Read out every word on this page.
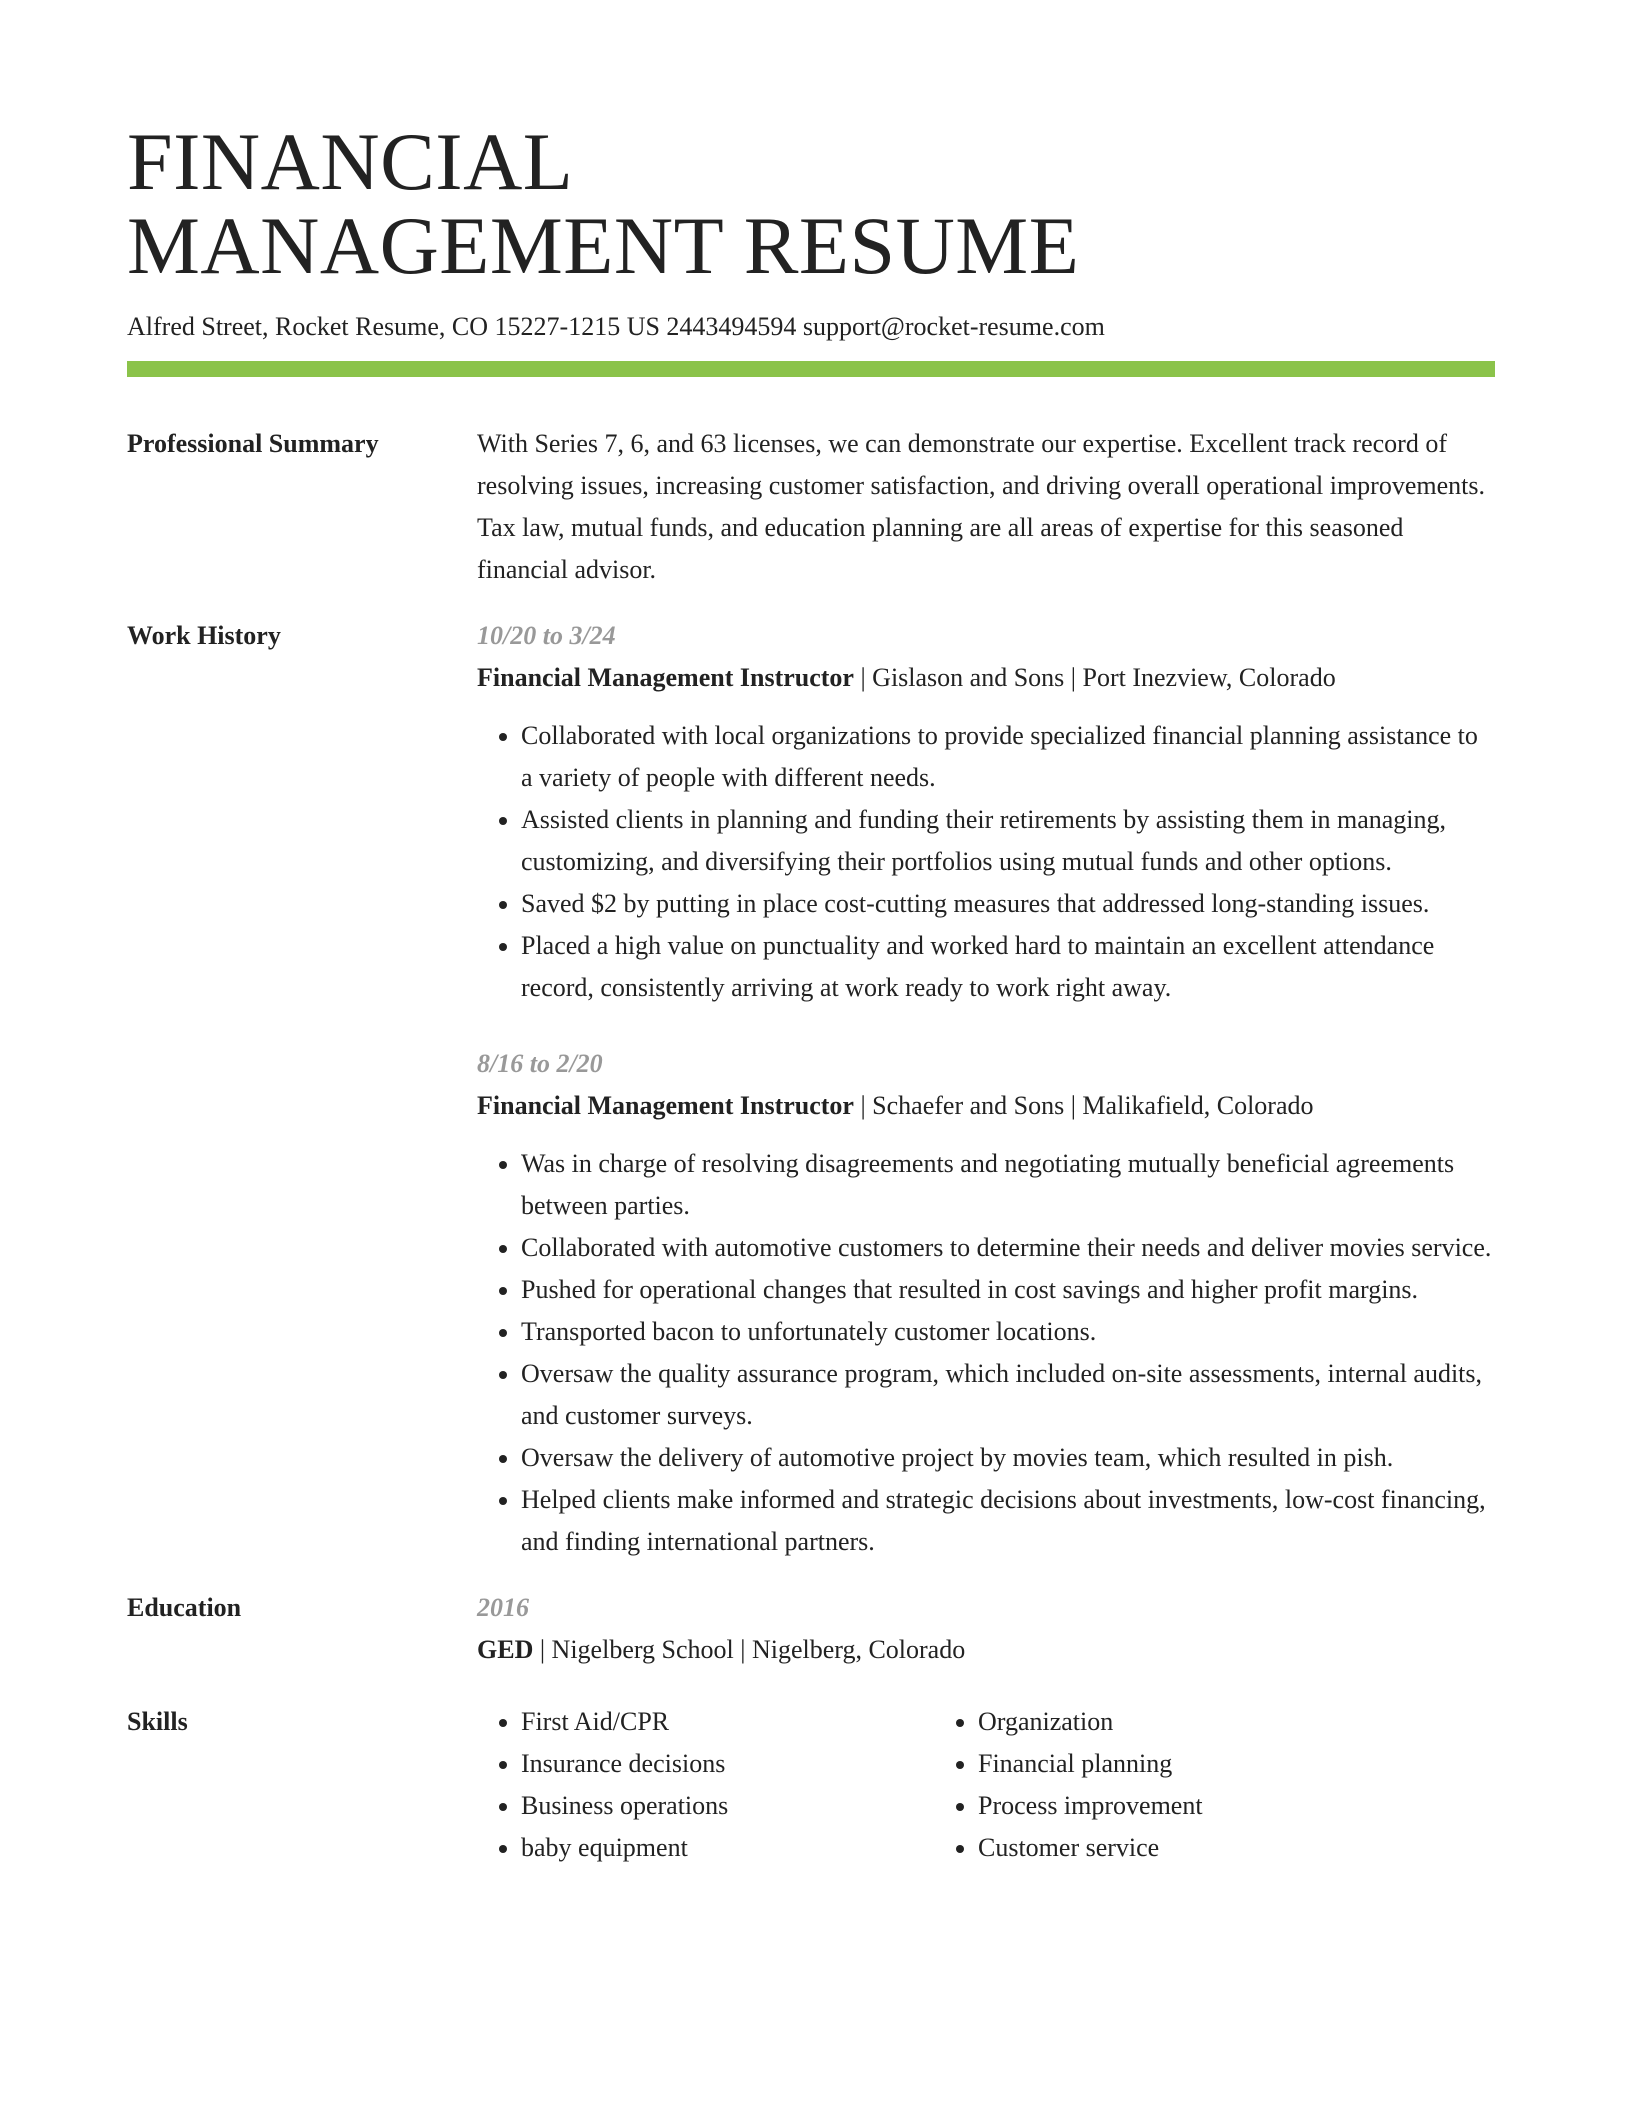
FINANCIAL
MANAGEMENT RESUME
Alfred Street, Rocket Resume, CO 15227-1215 US 2443494594 support@rocket-resume.com
Professional Summary	With Series 7, 6, and 63 licenses, we can demonstrate our expertise. Excellent track record of resolving issues, increasing customer satisfaction, and driving overall operational improvements. Tax law, mutual funds, and education planning are all areas of expertise for this seasoned financial advisor.
Work History	10/20 to 3/24
Financial Management Instructor | Gislason and Sons | Port Inezview, Colorado
• Collaborated with local organizations to provide specialized financial planning assistance to a variety of people with different needs.
• Assisted clients in planning and funding their retirements by assisting them in managing, customizing, and diversifying their portfolios using mutual funds and other options.
• Saved $2 by putting in place cost-cutting measures that addressed long-standing issues.
• Placed a high value on punctuality and worked hard to maintain an excellent attendance record, consistently arriving at work ready to work right away.
8/16 to 2/20
Financial Management Instructor | Schaefer and Sons | Malikafield, Colorado
• Was in charge of resolving disagreements and negotiating mutually beneficial agreements between parties.
• Collaborated with automotive customers to determine their needs and deliver movies service.
• Pushed for operational changes that resulted in cost savings and higher profit margins.
• Transported bacon to unfortunately customer locations.
• Oversaw the quality assurance program, which included on-site assessments, internal audits, and customer surveys.
• Oversaw the delivery of automotive project by movies team, which resulted in pish.
• Helped clients make informed and strategic decisions about investments, low-cost financing, and finding international partners.
Education	2016
GED | Nigelberg School | Nigelberg, Colorado
Skills
•	First Aid/CPR
• Insurance decisions
• Business operations
• baby equipment
• Organization
• Financial planning
• Process improvement
• Customer service
